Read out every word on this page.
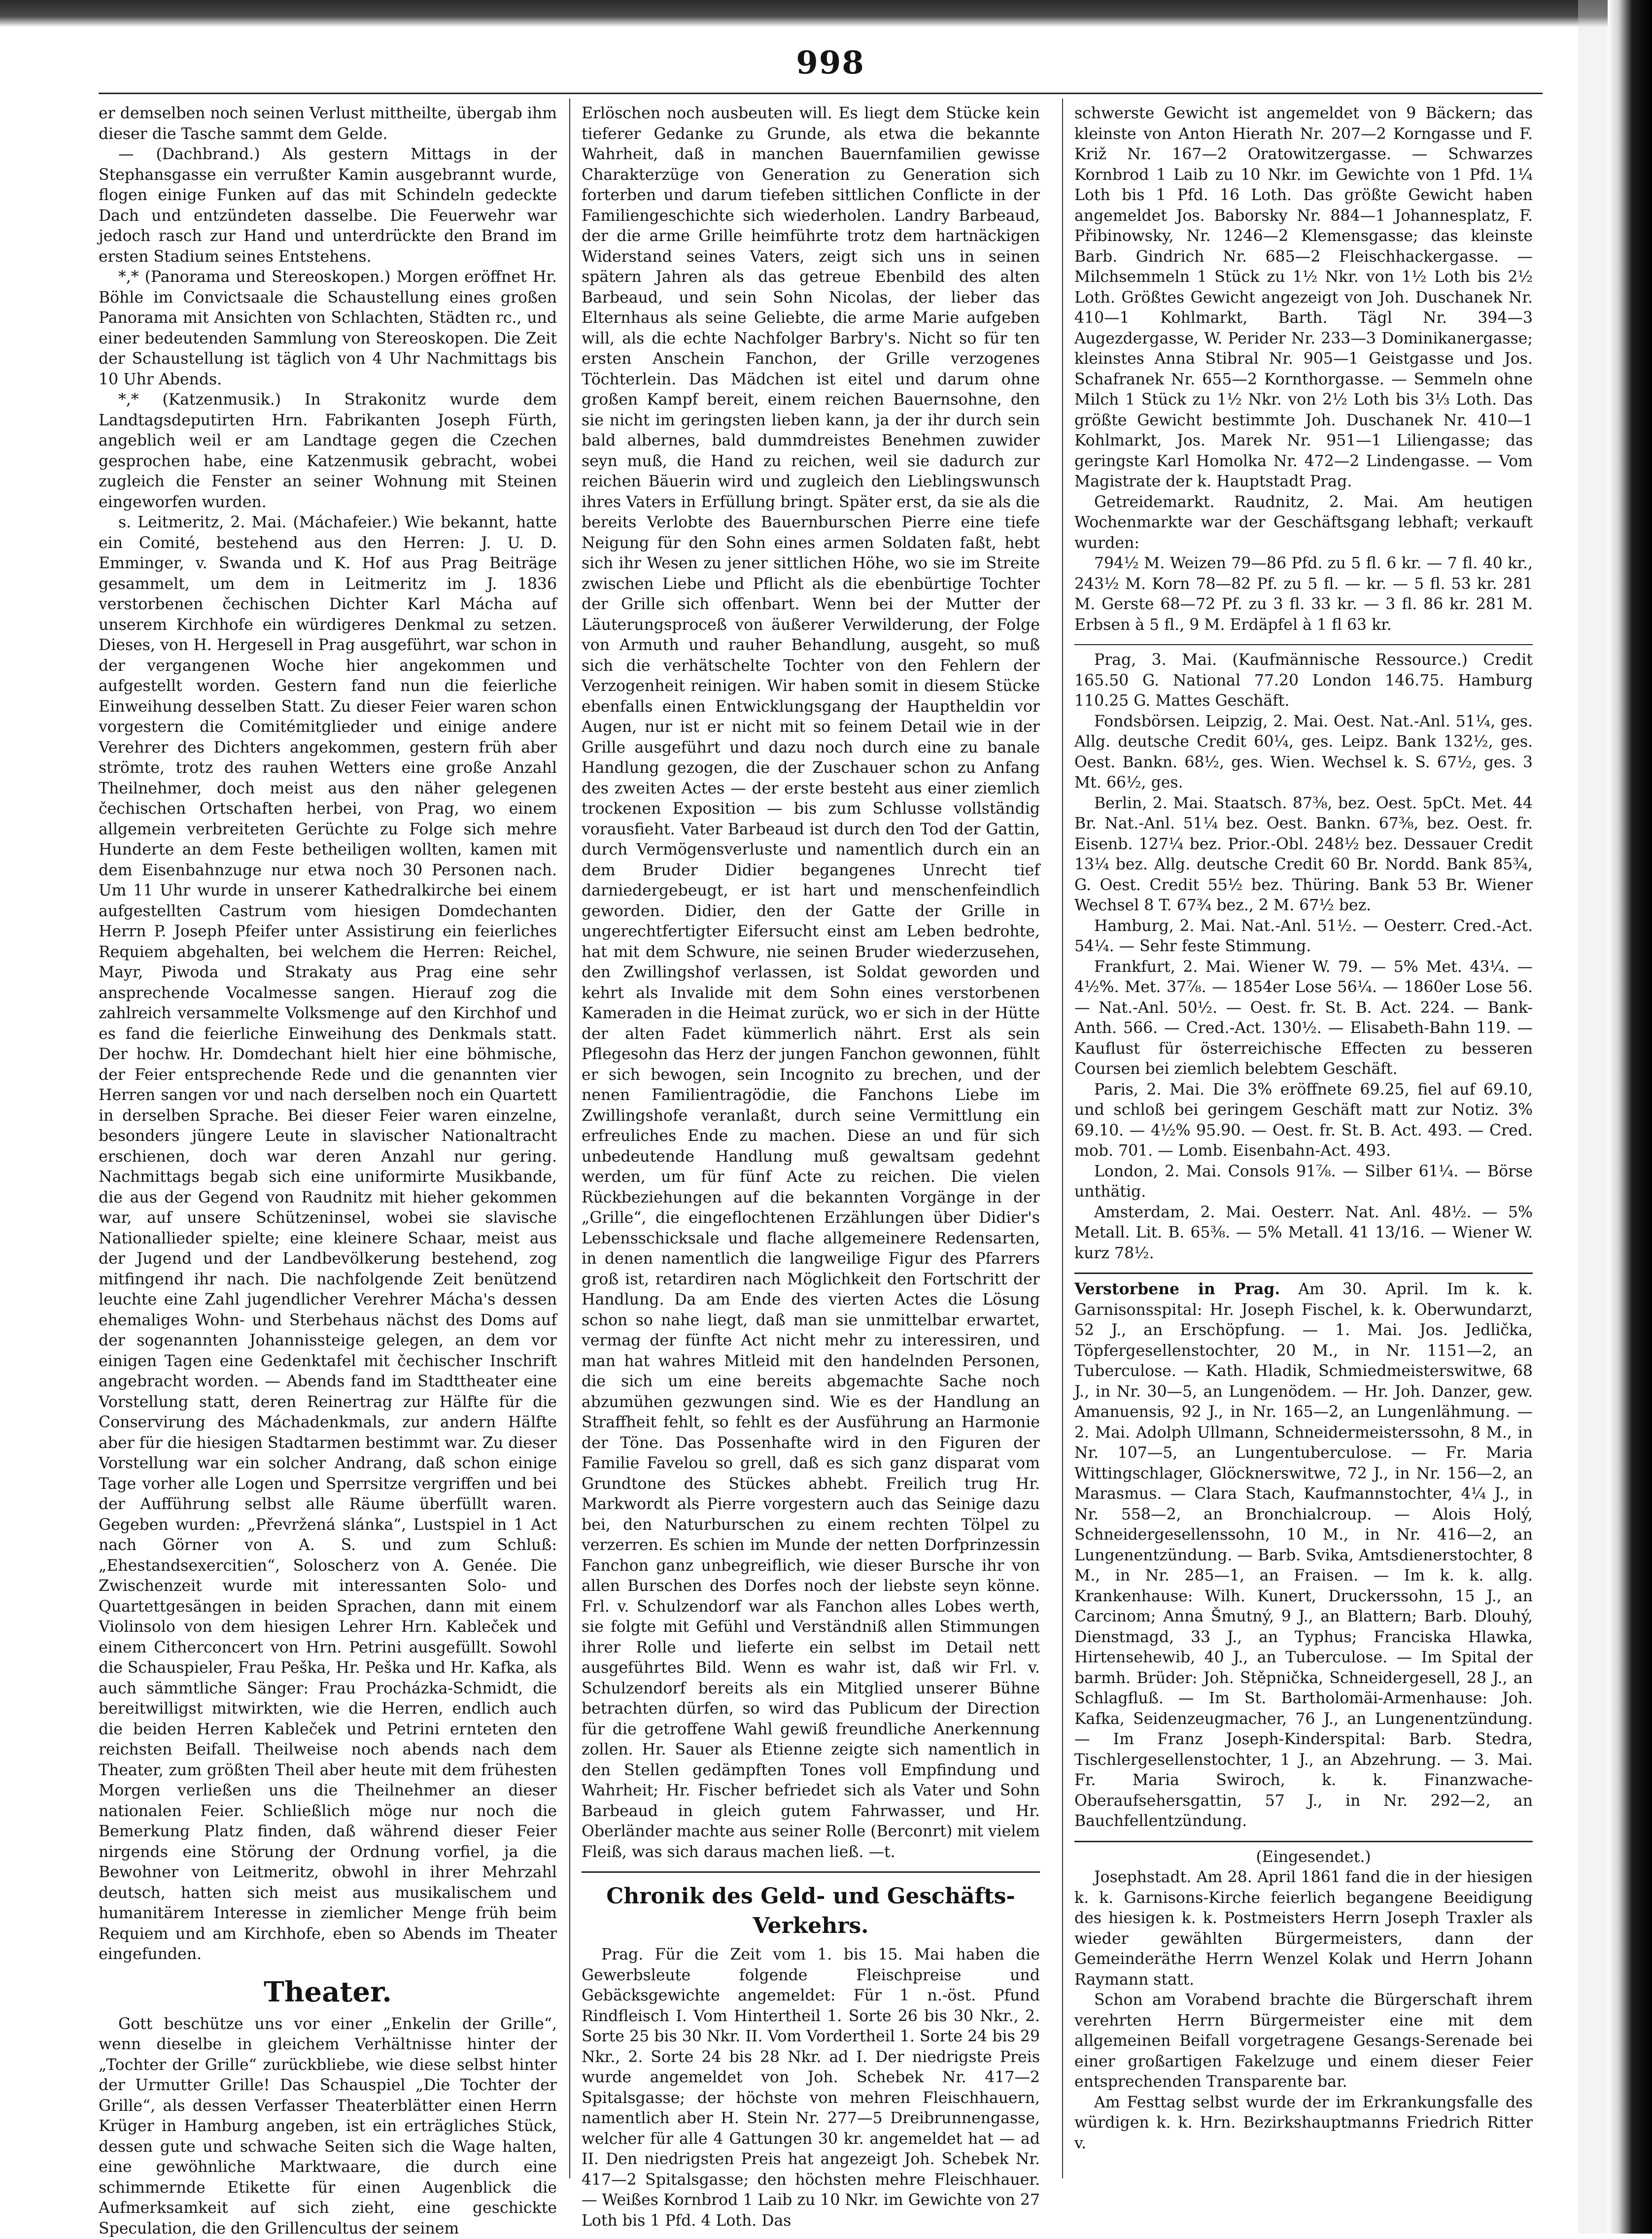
998

er demselben noch seinen Verlust mittheilte, übergab ihm dieser die Tasche sammt dem Gelde.

— (Dachbrand.) Als gestern Mittags in der Stephansgasse ein verrußter Kamin ausgebrannt wurde, flogen einige Funken auf das mit Schindeln gedeckte Dach und entzündeten dasselbe. Die Feuerwehr war jedoch rasch zur Hand und unterdrückte den Brand im ersten Stadium seines Entstehens.

*,* (Panorama und Stereoskopen.) Morgen eröffnet Hr. Böhle im Convictsaale die Schaustellung eines großen Panorama mit Ansichten von Schlachten, Städten rc., und einer bedeutenden Sammlung von Stereoskopen. Die Zeit der Schaustellung ist täglich von 4 Uhr Nachmittags bis 10 Uhr Abends.

*,* (Katzenmusik.) In Strakonitz wurde dem Landtagsdeputirten Hrn. Fabrikanten Joseph Fürth, angeblich weil er am Landtage gegen die Czechen gesprochen habe, eine Katzenmusik gebracht, wobei zugleich die Fenster an seiner Wohnung mit Steinen eingeworfen wurden.

s. Leitmeritz, 2. Mai. (Máchafeier.) Wie bekannt, hatte ein Comité, bestehend aus den Herren: J. U. D. Emminger, v. Swanda und K. Hof aus Prag Beiträge gesammelt, um dem in Leitmeritz im J. 1836 verstorbenen čechischen Dichter Karl Mácha auf unserem Kirchhofe ein würdigeres Denkmal zu setzen. Dieses, von H. Hergesell in Prag ausgeführt, war schon in der vergangenen Woche hier angekommen und aufgestellt worden. Gestern fand nun die feierliche Einweihung desselben Statt. Zu dieser Feier waren schon vorgestern die Comitémitglieder und einige andere Verehrer des Dichters angekommen, gestern früh aber strömte, trotz des rauhen Wetters eine große Anzahl Theilnehmer, doch meist aus den näher gelegenen čechischen Ortschaften herbei, von Prag, wo einem allgemein verbreiteten Gerüchte zu Folge sich mehre Hunderte an dem Feste betheiligen wollten, kamen mit dem Eisenbahnzuge nur etwa noch 30 Personen nach. Um 11 Uhr wurde in unserer Kathedralkirche bei einem aufgestellten Castrum vom hiesigen Domdechanten Herrn P. Joseph Pfeifer unter Assistirung ein feierliches Requiem abgehalten, bei welchem die Herren: Reichel, Mayr, Piwoda und Strakaty aus Prag eine sehr ansprechende Vocalmesse sangen. Hierauf zog die zahlreich versammelte Volksmenge auf den Kirchhof und es fand die feierliche Einweihung des Denkmals statt. Der hochw. Hr. Domdechant hielt hier eine böhmische, der Feier entsprechende Rede und die genannten vier Herren sangen vor und nach derselben noch ein Quartett in derselben Sprache. Bei dieser Feier waren einzelne, besonders jüngere Leute in slavischer Nationaltracht erschienen, doch war deren Anzahl nur gering. Nachmittags begab sich eine uniformirte Musikbande, die aus der Gegend von Raudnitz mit hieher gekommen war, auf unsere Schützeninsel, wobei sie slavische Nationallieder spielte; eine kleinere Schaar, meist aus der Jugend und der Landbevölkerung bestehend, zog mitfingend ihr nach. Die nachfolgende Zeit benützend leuchte eine Zahl jugendlicher Verehrer Mácha's dessen ehemaliges Wohn- und Sterbehaus nächst des Doms auf der sogenannten Johannissteige gelegen, an dem vor einigen Tagen eine Gedenktafel mit čechischer Inschrift angebracht worden. — Abends fand im Stadttheater eine Vorstellung statt, deren Reinertrag zur Hälfte für die Conservirung des Máchadenkmals, zur andern Hälfte aber für die hiesigen Stadtarmen bestimmt war. Zu dieser Vorstellung war ein solcher Andrang, daß schon einige Tage vorher alle Logen und Sperrsitze vergriffen und bei der Aufführung selbst alle Räume überfüllt waren. Gegeben wurden: „Převržená slánka“, Lustspiel in 1 Act nach Görner von A. S. und zum Schluß: „Ehestandsexercitien“, Soloscherz von A. Genée. Die Zwischenzeit wurde mit interessanten Solo- und Quartettgesängen in beiden Sprachen, dann mit einem Violinsolo von dem hiesigen Lehrer Hrn. Kableček und einem Citherconcert von Hrn. Petrini ausgefüllt. Sowohl die Schauspieler, Frau Peška, Hr. Peška und Hr. Kafka, als auch sämmtliche Sänger: Frau Procházka-Schmidt, die bereitwilligst mitwirkten, wie die Herren, endlich auch die beiden Herren Kableček und Petrini ernteten den reichsten Beifall. Theilweise noch abends nach dem Theater, zum größten Theil aber heute mit dem frühesten Morgen verließen uns die Theilnehmer an dieser nationalen Feier. Schließlich möge nur noch die Bemerkung Platz finden, daß während dieser Feier nirgends eine Störung der Ordnung vorfiel, ja die Bewohner von Leitmeritz, obwohl in ihrer Mehrzahl deutsch, hatten sich meist aus musikalischem und humanitärem Interesse in ziemlicher Menge früh beim Requiem und am Kirchhofe, eben so Abends im Theater eingefunden.

Theater.

Gott beschütze uns vor einer „Enkelin der Grille“, wenn dieselbe in gleichem Verhältnisse hinter der „Tochter der Grille“ zurückbliebe, wie diese selbst hinter der Urmutter Grille! Das Schauspiel „Die Tochter der Grille“, als dessen Verfasser Theaterblätter einen Herrn Krüger in Hamburg angeben, ist ein erträgliches Stück, dessen gute und schwache Seiten sich die Wage halten, eine gewöhnliche Marktwaare, die durch eine schimmernde Etikette für einen Augenblick die Aufmerksamkeit auf sich zieht, eine geschickte Speculation, die den Grillencultus der seinem

Erlöschen noch ausbeuten will. Es liegt dem Stücke kein tieferer Gedanke zu Grunde, als etwa die bekannte Wahrheit, daß in manchen Bauernfamilien gewisse Charakterzüge von Generation zu Generation sich forterben und darum tiefeben sittlichen Conflicte in der Familiengeschichte sich wiederholen. Landry Barbeaud, der die arme Grille heimführte trotz dem hartnäckigen Widerstand seines Vaters, zeigt sich uns in seinen spätern Jahren als das getreue Ebenbild des alten Barbeaud, und sein Sohn Nicolas, der lieber das Elternhaus als seine Geliebte, die arme Marie aufgeben will, als die echte Nachfolger Barbry's. Nicht so für ten ersten Anschein Fanchon, der Grille verzogenes Töchterlein. Das Mädchen ist eitel und darum ohne großen Kampf bereit, einem reichen Bauernsohne, den sie nicht im geringsten lieben kann, ja der ihr durch sein bald albernes, bald dummdreistes Benehmen zuwider seyn muß, die Hand zu reichen, weil sie dadurch zur reichen Bäuerin wird und zugleich den Lieblingswunsch ihres Vaters in Erfüllung bringt. Später erst, da sie als die bereits Verlobte des Bauernburschen Pierre eine tiefe Neigung für den Sohn eines armen Soldaten faßt, hebt sich ihr Wesen zu jener sittlichen Höhe, wo sie im Streite zwischen Liebe und Pflicht als die ebenbürtige Tochter der Grille sich offenbart. Wenn bei der Mutter der Läuterungsproceß von äußerer Verwilderung, der Folge von Armuth und rauher Behandlung, ausgeht, so muß sich die verhätschelte Tochter von den Fehlern der Verzogenheit reinigen. Wir haben somit in diesem Stücke ebenfalls einen Entwicklungsgang der Hauptheldin vor Augen, nur ist er nicht mit so feinem Detail wie in der Grille ausgeführt und dazu noch durch eine zu banale Handlung gezogen, die der Zuschauer schon zu Anfang des zweiten Actes — der erste besteht aus einer ziemlich trockenen Exposition — bis zum Schlusse vollständig vorausfieht. Vater Barbeaud ist durch den Tod der Gattin, durch Vermögensverluste und namentlich durch ein an dem Bruder Didier begangenes Unrecht tief darniedergebeugt, er ist hart und menschenfeindlich geworden. Didier, den der Gatte der Grille in ungerechtfertigter Eifersucht einst am Leben bedrohte, hat mit dem Schwure, nie seinen Bruder wiederzusehen, den Zwillingshof verlassen, ist Soldat geworden und kehrt als Invalide mit dem Sohn eines verstorbenen Kameraden in die Heimat zurück, wo er sich in der Hütte der alten Fadet kümmerlich nährt. Erst als sein Pflegesohn das Herz der jungen Fanchon gewonnen, fühlt er sich bewogen, sein Incognito zu brechen, und der nenen Familientragödie, die Fanchons Liebe im Zwillingshofe veranlaßt, durch seine Vermittlung ein erfreuliches Ende zu machen. Diese an und für sich unbedeutende Handlung muß gewaltsam gedehnt werden, um für fünf Acte zu reichen. Die vielen Rückbeziehungen auf die bekannten Vorgänge in der „Grille“, die eingeflochtenen Erzählungen über Didier's Lebensschicksale und flache allgemeinere Redensarten, in denen namentlich die langweilige Figur des Pfarrers groß ist, retardiren nach Möglichkeit den Fortschritt der Handlung. Da am Ende des vierten Actes die Lösung schon so nahe liegt, daß man sie unmittelbar erwartet, vermag der fünfte Act nicht mehr zu interessiren, und man hat wahres Mitleid mit den handelnden Personen, die sich um eine bereits abgemachte Sache noch abzumühen gezwungen sind. Wie es der Handlung an Straffheit fehlt, so fehlt es der Ausführung an Harmonie der Töne. Das Possenhafte wird in den Figuren der Familie Favelou so grell, daß es sich ganz disparat vom Grundtone des Stückes abhebt. Freilich trug Hr. Markwordt als Pierre vorgestern auch das Seinige dazu bei, den Naturburschen zu einem rechten Tölpel zu verzerren. Es schien im Munde der netten Dorfprinzessin Fanchon ganz unbegreiflich, wie dieser Bursche ihr von allen Burschen des Dorfes noch der liebste seyn könne. Frl. v. Schulzendorf war als Fanchon alles Lobes werth, sie folgte mit Gefühl und Verständniß allen Stimmungen ihrer Rolle und lieferte ein selbst im Detail nett ausgeführtes Bild. Wenn es wahr ist, daß wir Frl. v. Schulzendorf bereits als ein Mitglied unserer Bühne betrachten dürfen, so wird das Publicum der Direction für die getroffene Wahl gewiß freundliche Anerkennung zollen. Hr. Sauer als Etienne zeigte sich namentlich in den Stellen gedämpften Tones voll Empfindung und Wahrheit; Hr. Fischer befriedet sich als Vater und Sohn Barbeaud in gleich gutem Fahrwasser, und Hr. Oberländer machte aus seiner Rolle (Berconrt) mit vielem Fleiß, was sich daraus machen ließ. —t.

Chronik des Geld- und Geschäfts-Verkehrs.

Prag. Für die Zeit vom 1. bis 15. Mai haben die Gewerbsleute folgende Fleischpreise und Gebäcksgewichte angemeldet: Für 1 n.-öst. Pfund Rindfleisch I. Vom Hintertheil 1. Sorte 26 bis 30 Nkr., 2. Sorte 25 bis 30 Nkr. II. Vom Vordertheil 1. Sorte 24 bis 29 Nkr., 2. Sorte 24 bis 28 Nkr. ad I. Der niedrigste Preis wurde angemeldet von Joh. Schebek Nr. 417—2 Spitalsgasse; der höchste von mehren Fleischhauern, namentlich aber H. Stein Nr. 277—5 Dreibrunnengasse, welcher für alle 4 Gattungen 30 kr. angemeldet hat — ad II. Den niedrigsten Preis hat angezeigt Joh. Schebek Nr. 417—2 Spitalsgasse; den höchsten mehre Fleischhauer. — Weißes Kornbrod 1 Laib zu 10 Nkr. im Gewichte von 27 Loth bis 1 Pfd. 4 Loth. Das

schwerste Gewicht ist angemeldet von 9 Bäckern; das kleinste von Anton Hierath Nr. 207—2 Korngasse und F. Križ Nr. 167—2 Oratowitzergasse. — Schwarzes Kornbrod 1 Laib zu 10 Nkr. im Gewichte von 1 Pfd. 1¼ Loth bis 1 Pfd. 16 Loth. Das größte Gewicht haben angemeldet Jos. Baborsky Nr. 884—1 Johannesplatz, F. Přibinowsky, Nr. 1246—2 Klemensgasse; das kleinste Barb. Gindrich Nr. 685—2 Fleischhackergasse. — Milchsemmeln 1 Stück zu 1½ Nkr. von 1½ Loth bis 2½ Loth. Größtes Gewicht angezeigt von Joh. Duschanek Nr. 410—1 Kohlmarkt, Barth. Tägl Nr. 394—3 Augezdergasse, W. Perider Nr. 233—3 Dominikanergasse; kleinstes Anna Stibral Nr. 905—1 Geistgasse und Jos. Schafranek Nr. 655—2 Kornthorgasse. — Semmeln ohne Milch 1 Stück zu 1½ Nkr. von 2½ Loth bis 3⅓ Loth. Das größte Gewicht bestimmte Joh. Duschanek Nr. 410—1 Kohlmarkt, Jos. Marek Nr. 951—1 Liliengasse; das geringste Karl Homolka Nr. 472—2 Lindengasse. — Vom Magistrate der k. Hauptstadt Prag.

Getreidemarkt. Raudnitz, 2. Mai. Am heutigen Wochenmarkte war der Geschäftsgang lebhaft; verkauft wurden:

794½ M. Weizen 79—86 Pfd. zu 5 fl. 6 kr. — 7 fl. 40 kr., 243½ M. Korn 78—82 Pf. zu 5 fl. — kr. — 5 fl. 53 kr. 281 M. Gerste 68—72 Pf. zu 3 fl. 33 kr. — 3 fl. 86 kr. 281 M. Erbsen à 5 fl., 9 M. Erdäpfel à 1 fl 63 kr.

Prag, 3. Mai. (Kaufmännische Ressource.) Credit 165.50 G. National 77.20 London 146.75. Hamburg 110.25 G. Mattes Geschäft.

Fondsbörsen. Leipzig, 2. Mai. Oest. Nat.-Anl. 51¼, ges. Allg. deutsche Credit 60¼, ges. Leipz. Bank 132½, ges. Oest. Bankn. 68½, ges. Wien. Wechsel k. S. 67½, ges. 3 Mt. 66½, ges.

Berlin, 2. Mai. Staatsch. 87⅜, bez. Oest. 5pCt. Met. 44 Br. Nat.-Anl. 51¼ bez. Oest. Bankn. 67⅜, bez. Oest. fr. Eisenb. 127¼ bez. Prior.-Obl. 248½ bez. Dessauer Credit 13¼ bez. Allg. deutsche Credit 60 Br. Nordd. Bank 85¾, G. Oest. Credit 55½ bez. Thüring. Bank 53 Br. Wiener Wechsel 8 T. 67¾ bez., 2 M. 67½ bez.

Hamburg, 2. Mai. Nat.-Anl. 51½. — Oesterr. Cred.-Act. 54¼. — Sehr feste Stimmung.

Frankfurt, 2. Mai. Wiener W. 79. — 5% Met. 43¼. — 4½%. Met. 37⅞. — 1854er Lose 56¼. — 1860er Lose 56. — Nat.-Anl. 50½. — Oest. fr. St. B. Act. 224. — Bank-Anth. 566. — Cred.-Act. 130½. — Elisabeth-Bahn 119. — Kauflust für österreichische Effecten zu besseren Coursen bei ziemlich belebtem Geschäft.

Paris, 2. Mai. Die 3% eröffnete 69.25, fiel auf 69.10, und schloß bei geringem Geschäft matt zur Notiz. 3% 69.10. — 4½% 95.90. — Oest. fr. St. B. Act. 493. — Cred. mob. 701. — Lomb. Eisenbahn-Act. 493.

London, 2. Mai. Consols 91⅞. — Silber 61¼. — Börse unthätig.

Amsterdam, 2. Mai. Oesterr. Nat. Anl. 48½. — 5% Metall. Lit. B. 65⅜. — 5% Metall. 41 13/16. — Wiener W. kurz 78½.

Verstorbene in Prag. Am 30. April. Im k. k. Garnisonsspital: Hr. Joseph Fischel, k. k. Oberwundarzt, 52 J., an Erschöpfung. — 1. Mai. Jos. Jedlička, Töpfergesellenstochter, 20 M., in Nr. 1151—2, an Tuberculose. — Kath. Hladik, Schmiedmeisterswitwe, 68 J., in Nr. 30—5, an Lungenödem. — Hr. Joh. Danzer, gew. Amanuensis, 92 J., in Nr. 165—2, an Lungenlähmung. — 2. Mai. Adolph Ullmann, Schneidermeisterssohn, 8 M., in Nr. 107—5, an Lungentuberculose. — Fr. Maria Wittingschlager, Glöcknerswitwe, 72 J., in Nr. 156—2, an Marasmus. — Clara Stach, Kaufmannstochter, 4¼ J., in Nr. 558—2, an Bronchialcroup. — Alois Holý, Schneidergesellenssohn, 10 M., in Nr. 416—2, an Lungenentzündung. — Barb. Svika, Amtsdienerstochter, 8 M., in Nr. 285—1, an Fraisen. — Im k. k. allg. Krankenhause: Wilh. Kunert, Druckerssohn, 15 J., an Carcinom; Anna Šmutný, 9 J., an Blattern; Barb. Dlouhý, Dienstmagd, 33 J., an Typhus; Franciska Hlawka, Hirtensehewib, 40 J., an Tuberculose. — Im Spital der barmh. Brüder: Joh. Stěpnička, Schneidergesell, 28 J., an Schlagfluß. — Im St. Bartholomäi-Armenhause: Joh. Kafka, Seidenzeugmacher, 76 J., an Lungenentzündung. — Im Franz Joseph-Kinderspital: Barb. Stedra, Tischlergesellenstochter, 1 J., an Abzehrung. — 3. Mai. Fr. Maria Swiroch, k. k. Finanzwache-Oberaufsehersgattin, 57 J., in Nr. 292—2, an Bauchfellentzündung.

(Eingesendet.)

Josephstadt. Am 28. April 1861 fand die in der hiesigen k. k. Garnisons-Kirche feierlich begangene Beeidigung des hiesigen k. k. Postmeisters Herrn Joseph Traxler als wieder gewählten Bürgermeisters, dann der Gemeinderäthe Herrn Wenzel Kolak und Herrn Johann Raymann statt.

Schon am Vorabend brachte die Bürgerschaft ihrem verehrten Herrn Bürgermeister eine mit dem allgemeinen Beifall vorgetragene Gesangs-Serenade bei einer großartigen Fakelzuge und einem dieser Feier entsprechenden Transparente bar.

Am Festtag selbst wurde der im Erkrankungsfalle des würdigen k. k. Hrn. Bezirkshauptmanns Friedrich Ritter v.
